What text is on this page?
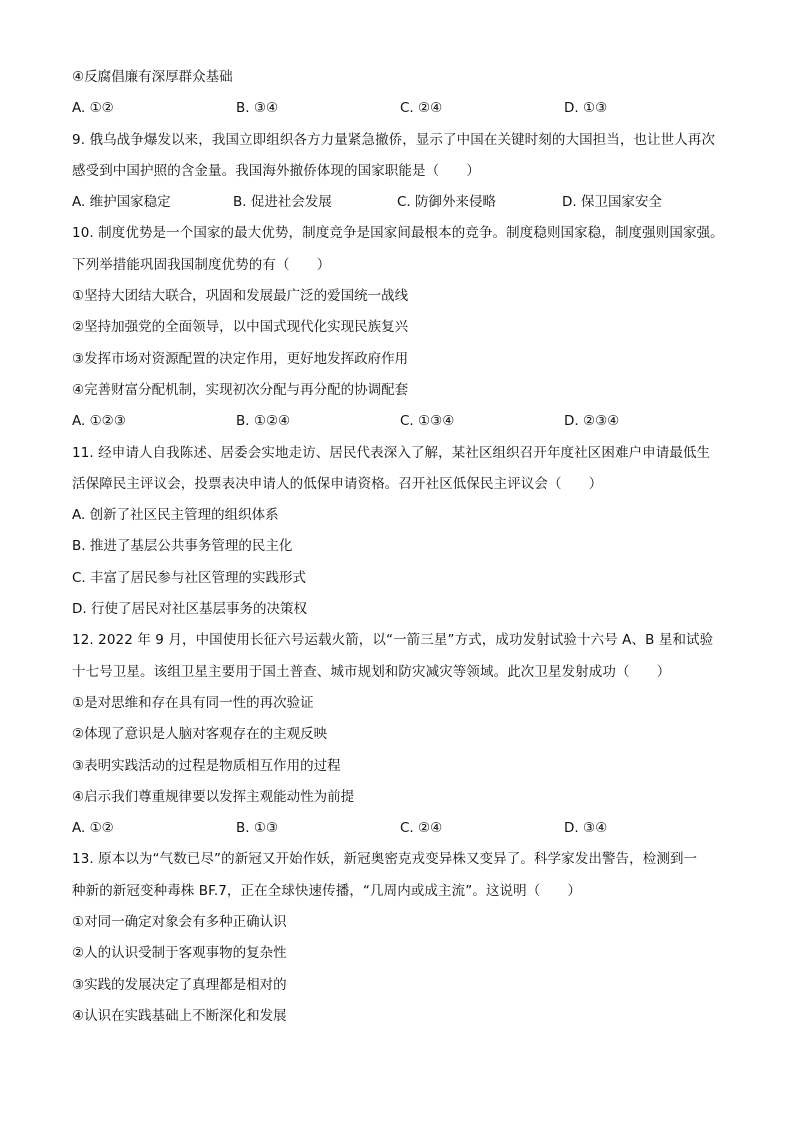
④反腐倡廉有深厚群众基础
A. ①②	B. ③④	C. ②④	D. ①③
9. 俄乌战争爆发以来，我国立即组织各方力量紧急撤侨，显示了中国在关键时刻的大国担当，也让世人再次
感受到中国护照的含金量。我国海外撤侨体现的国家职能是（　　）
A. 维护国家稳定	B. 促进社会发展	C. 防御外来侵略	D. 保卫国家安全
10. 制度优势是一个国家的最大优势，制度竞争是国家间最根本的竞争。制度稳则国家稳，制度强则国家强。
下列举措能巩固我国制度优势的有（　　）
①坚持大团结大联合，巩固和发展最广泛的爱国统一战线
②坚持加强党的全面领导，以中国式现代化实现民族复兴
③发挥市场对资源配置的决定作用，更好地发挥政府作用
④完善财富分配机制，实现初次分配与再分配的协调配套
A. ①②③	B. ①②④	C. ①③④	D. ②③④
11. 经申请人自我陈述、居委会实地走访、居民代表深入了解，某社区组织召开年度社区困难户申请最低生
活保障民主评议会，投票表决申请人的低保申请资格。召开社区低保民主评议会（　　）
A. 创新了社区民主管理的组织体系
B. 推进了基层公共事务管理的民主化
C. 丰富了居民参与社区管理的实践形式
D. 行使了居民对社区基层事务的决策权
12. 2022 年 9 月，中国使用长征六号运载火箭，以“一箭三星”方式，成功发射试验十六号 A、B 星和试验
十七号卫星。该组卫星主要用于国土普查、城市规划和防灾减灾等领域。此次卫星发射成功（　　）
①是对思维和存在具有同一性的再次验证
②体现了意识是人脑对客观存在的主观反映
③表明实践活动的过程是物质相互作用的过程
④启示我们尊重规律要以发挥主观能动性为前提
A. ①②	B. ①③	C. ②④	D. ③④
13. 原本以为“气数已尽”的新冠又开始作妖，新冠奥密克戎变异株又变异了。科学家发出警告，检测到一
种新的新冠变种毒株 BF.7，正在全球快速传播，“几周内或成主流”。这说明（　　）
①对同一确定对象会有多种正确认识
②人的认识受制于客观事物的复杂性
③实践的发展决定了真理都是相对的
④认识在实践基础上不断深化和发展
